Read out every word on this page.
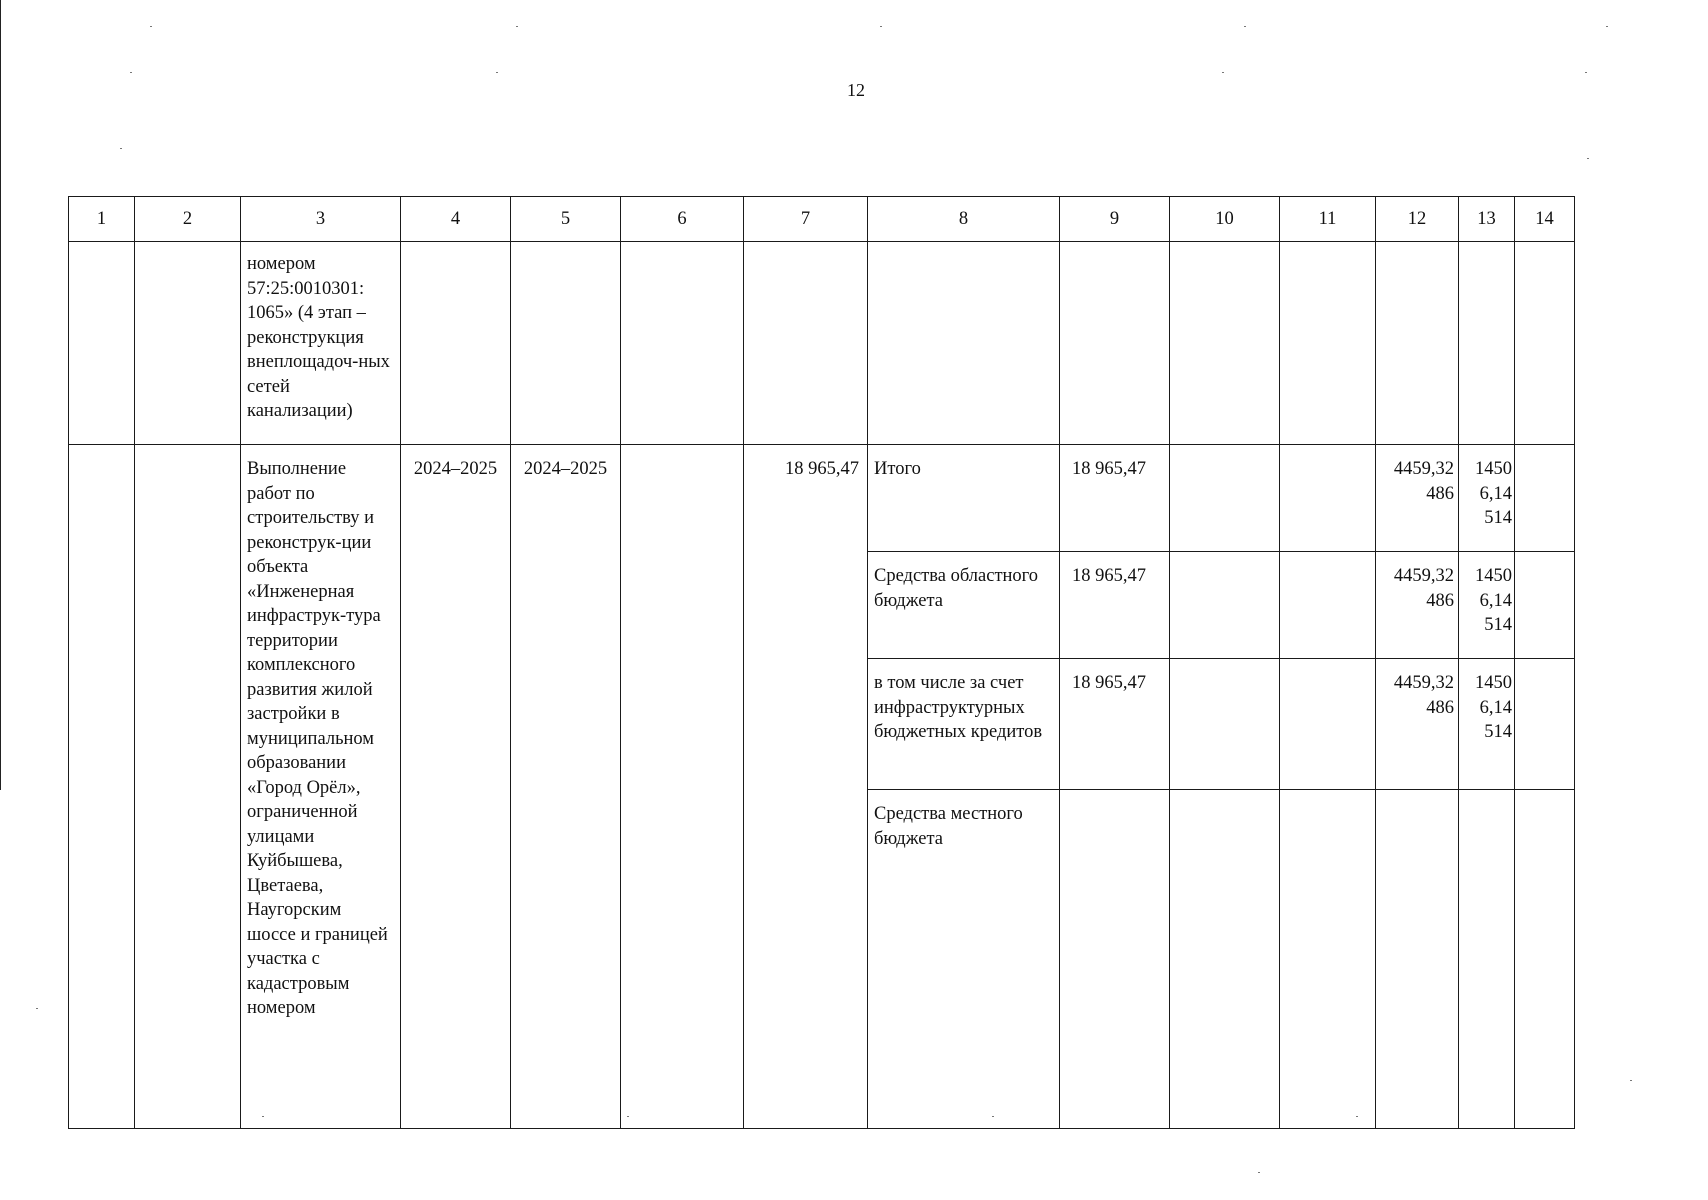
12
1	2	3	4	5	6	7	8	9	10	11	12	13	14
		номером 57:25:0010301: 1065» (4 этап – реконструкция внеплощадоч-ных сетей канализации)											
		Выполнение работ по строительству и реконструк-ции объекта «Инженерная инфраструк-тура территории комплексного развития жилой застройки в муниципальном образовании «Город Орёл», ограниченной улицами Куйбышева, Цветаева, Наугорским шоссе и границей участка с кадастровым номером	2024–2025	2024–2025		18 965,47	Итого	18 965,47			4459,32 486	1450 6,14 514	
							Средства областного бюджета	18 965,47			4459,32 486	1450 6,14 514	
							в том числе за счет инфраструктурных бюджетных кредитов	18 965,47			4459,32 486	1450 6,14 514	
							Средства местного бюджета						
